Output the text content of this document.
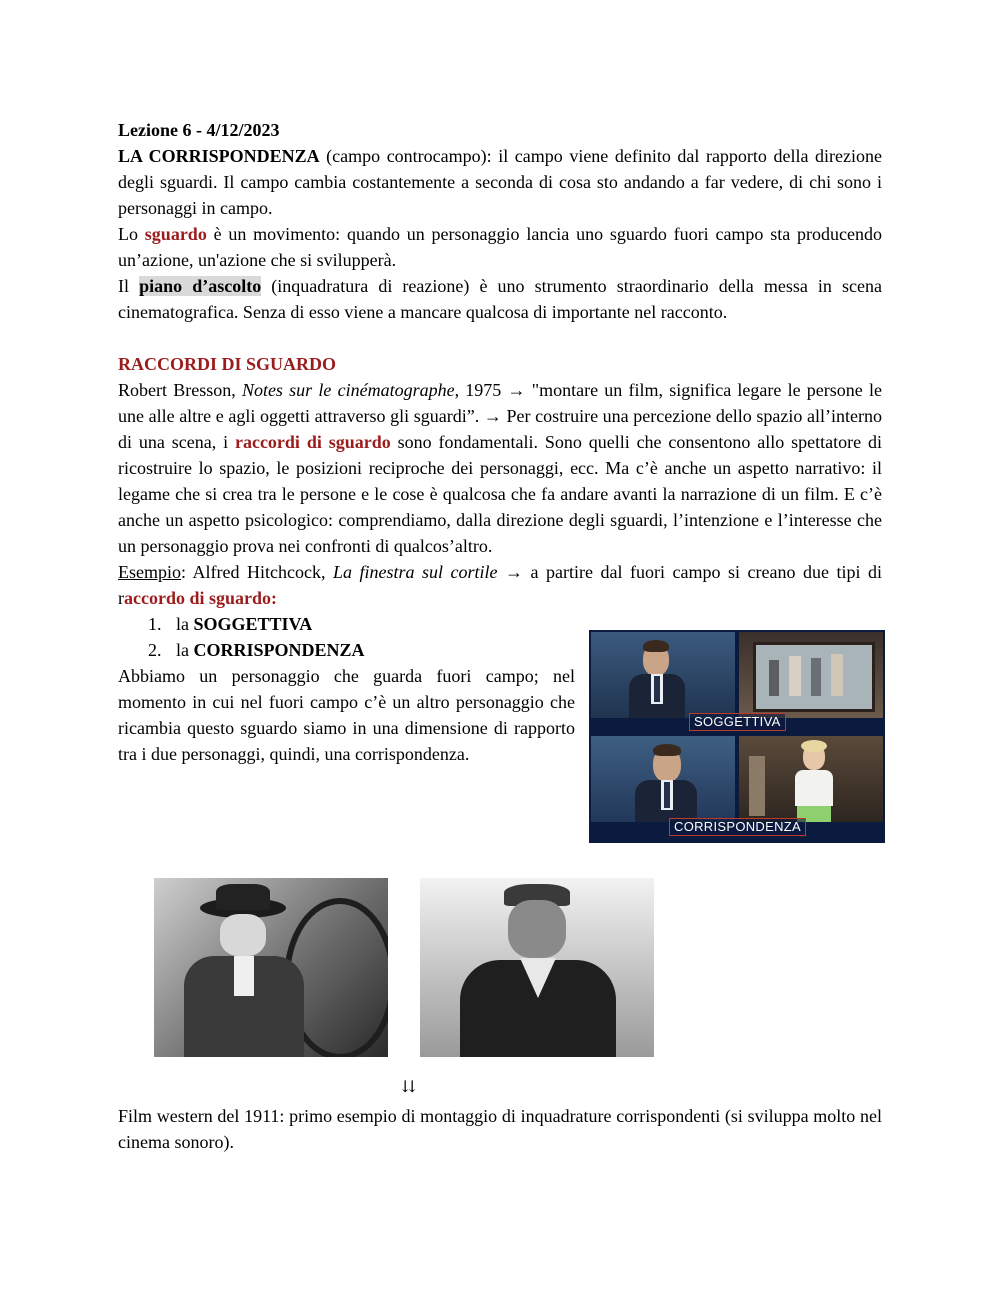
Lezione 6 - 4/12/2023

LA CORRISPONDENZA (campo controcampo): il campo viene definito dal rapporto della direzione degli sguardi. Il campo cambia costantemente a seconda di cosa sto andando a far vedere, di chi sono i personaggi in campo.

Lo sguardo è un movimento: quando un personaggio lancia uno sguardo fuori campo sta producendo un’azione, un'azione che si svilupperà.

Il piano d’ascolto (inquadratura di reazione) è uno strumento straordinario della messa in scena cinematografica. Senza di esso viene a mancare qualcosa di importante nel racconto.

RACCORDI DI SGUARDO

Robert Bresson, Notes sur le cinématographe, 1975 → "montare un film, significa legare le persone le une alle altre e agli oggetti attraverso gli sguardi”. → Per costruire una percezione dello spazio all’interno di una scena, i raccordi di sguardo sono fondamentali. Sono quelli che consentono allo spettatore di ricostruire lo spazio, le posizioni reciproche dei personaggi, ecc. Ma c’è anche un aspetto narrativo: il legame che si crea tra le persone e le cose è qualcosa che fa andare avanti la narrazione di un film. E c’è anche un aspetto psicologico: comprendiamo, dalla direzione degli sguardi, l’intenzione e l’interesse che un personaggio prova nei confronti di qualcos’altro.

Esempio: Alfred Hitchcock, La finestra sul cortile → a partire dal fuori campo si creano due tipi di raccordo di sguardo:

1. la SOGGETTIVA
2. la CORRISPONDENZA

Abbiamo un personaggio che guarda fuori campo; nel momento in cui nel fuori campo c’è un altro personaggio che ricambia questo sguardo siamo in una dimensione di rapporto tra i due personaggi, quindi, una corrispondenza.

SOGGETTIVA
CORRISPONDENZA
⇊

Film western del 1911: primo esempio di montaggio di inquadrature corrispondenti (si sviluppa molto nel cinema sonoro).
